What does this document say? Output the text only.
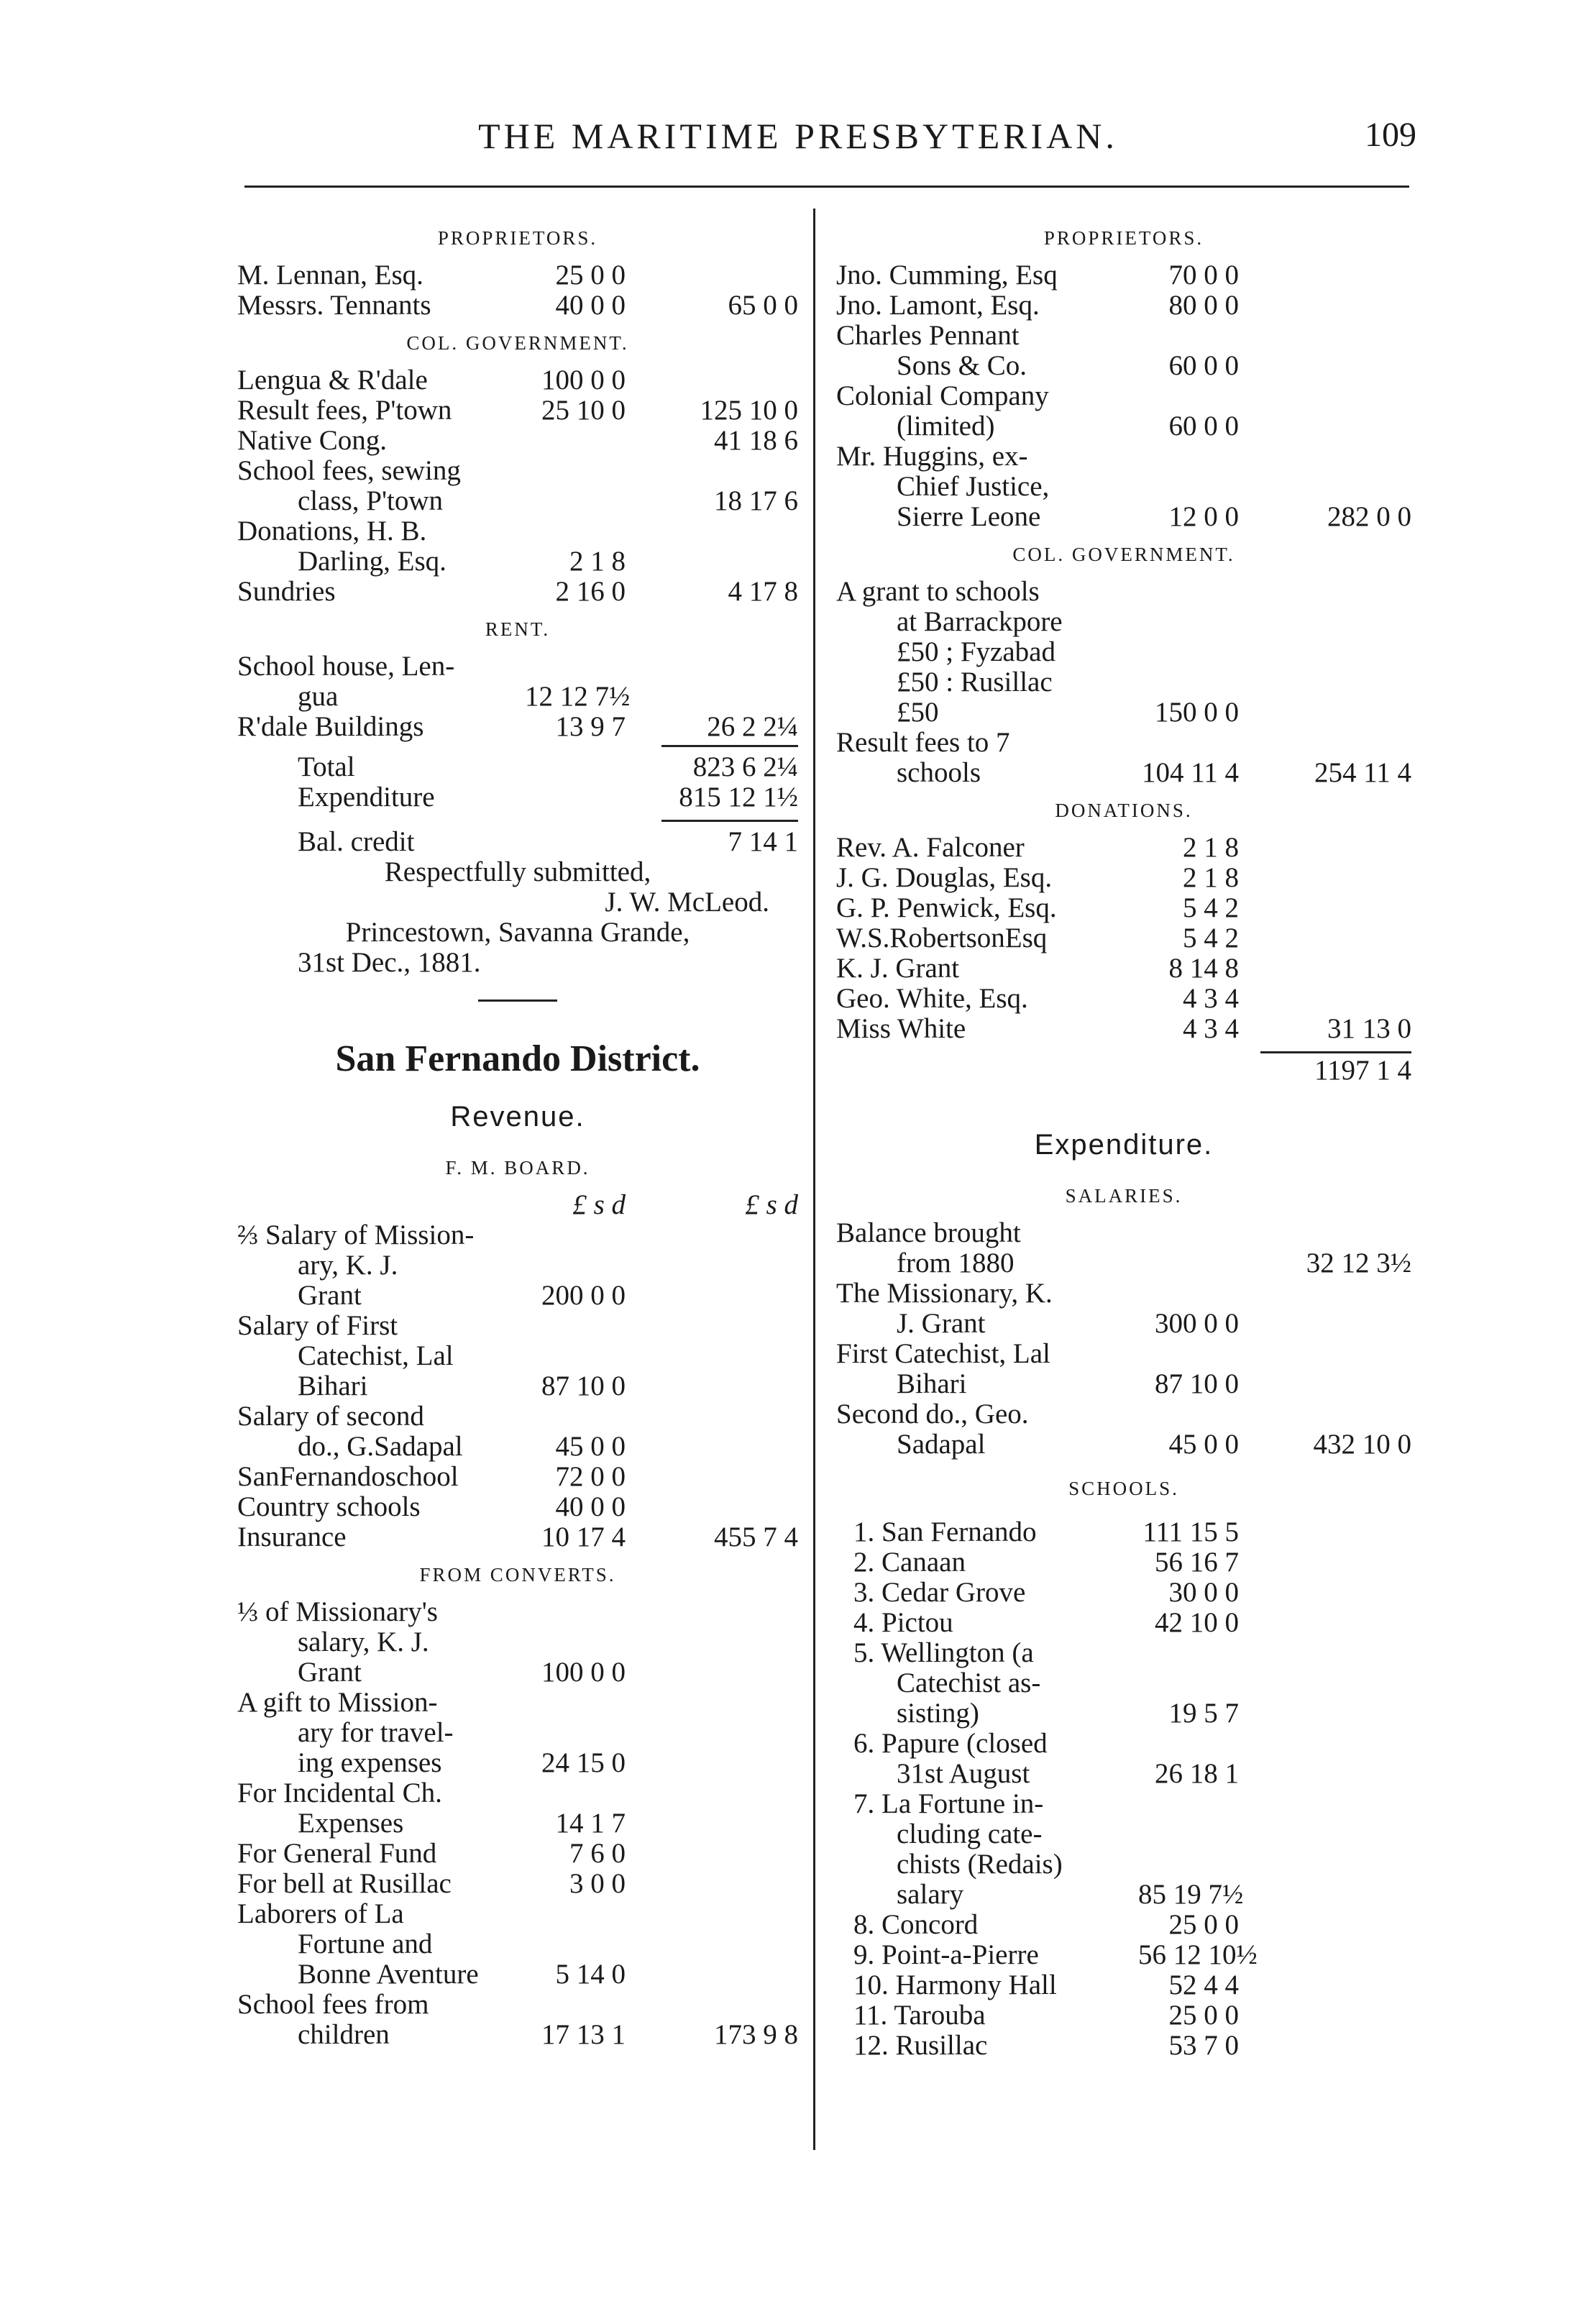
THE MARITIME PRESBYTERIAN.	109
PROPRIETORS.
M. Lennan, Esq.	25 0 0
Messrs. Tennants	40 0 0	65 0 0
COL. GOVERNMENT.
Lengua & R'dale	100 0 0
Result fees, P'town	25 10 0	125 10 0
Native Cong.	41 18 6
School fees, sewing
class, P'town	18 17 6
Donations, H. B.
Darling, Esq.	2 1 8
Sundries	2 16 0	4 17 8
RENT.
School house, Len-
gua	12 12 7½
R'dale Buildings	13 9 7	26 2 2¼
Total	823 6 2¼
Expenditure	815 12 1½
Bal. credit	7 14 1
Respectfully submitted,
J. W. McLeod.
Princestown, Savanna Grande,
31st Dec., 1881.
San Fernando District.
Revenue.
F. M. BOARD.
£ s d	£ s d
⅔ Salary of Mission-
ary, K. J.
Grant	200 0 0
Salary of First
Catechist, Lal
Bihari	87 10 0
Salary of second
do., G.Sadapal	45 0 0
SanFernandoschool	72 0 0
Country schools	40 0 0
Insurance	10 17 4	455 7 4
FROM CONVERTS.
⅓ of Missionary's
salary, K. J.
Grant	100 0 0
A gift to Mission-
ary for travel-
ing expenses	24 15 0
For Incidental Ch.
Expenses	14 1 7
For General Fund	7 6 0
For bell at Rusillac	3 0 0
Laborers of La
Fortune and
Bonne Aventure	5 14 0
School fees from
children	17 13 1	173 9 8
PROPRIETORS.
Jno. Cumming, Esq	70 0 0
Jno. Lamont, Esq.	80 0 0
Charles Pennant
Sons & Co.	60 0 0
Colonial Company
(limited)	60 0 0
Mr. Huggins, ex-
Chief Justice,
Sierre Leone	12 0 0	282 0 0
COL. GOVERNMENT.
A grant to schools
at Barrackpore
£50 ; Fyzabad
£50 : Rusillac
£50	150 0 0
Result fees to 7
schools	104 11 4	254 11 4
DONATIONS.
Rev. A. Falconer	2 1 8
J. G. Douglas, Esq.	2 1 8
G. P. Penwick, Esq.	5 4 2
W.S.RobertsonEsq	5 4 2
K. J. Grant	8 14 8
Geo. White, Esq.	4 3 4
Miss White	4 3 4	31 13 0
1197 1 4
Expenditure.
SALARIES.
Balance brought
from 1880	32 12 3½
The Missionary, K.
J. Grant	300 0 0
First Catechist, Lal
Bihari	87 10 0
Second do., Geo.
Sadapal	45 0 0	432 10 0
SCHOOLS.
1. San Fernando	111 15 5
2. Canaan	56 16 7
3. Cedar Grove	30 0 0
4. Pictou	42 10 0
5. Wellington (a
Catechist as-
sisting)	19 5 7
6. Papure (closed
31st August	26 18 1
7. La Fortune in-
cluding cate-
chists (Redais)
salary	85 19 7½
8. Concord	25 0 0
9. Point-a-Pierre	56 12 10½
10. Harmony Hall	52 4 4
11. Tarouba	25 0 0
12. Rusillac	53 7 0
